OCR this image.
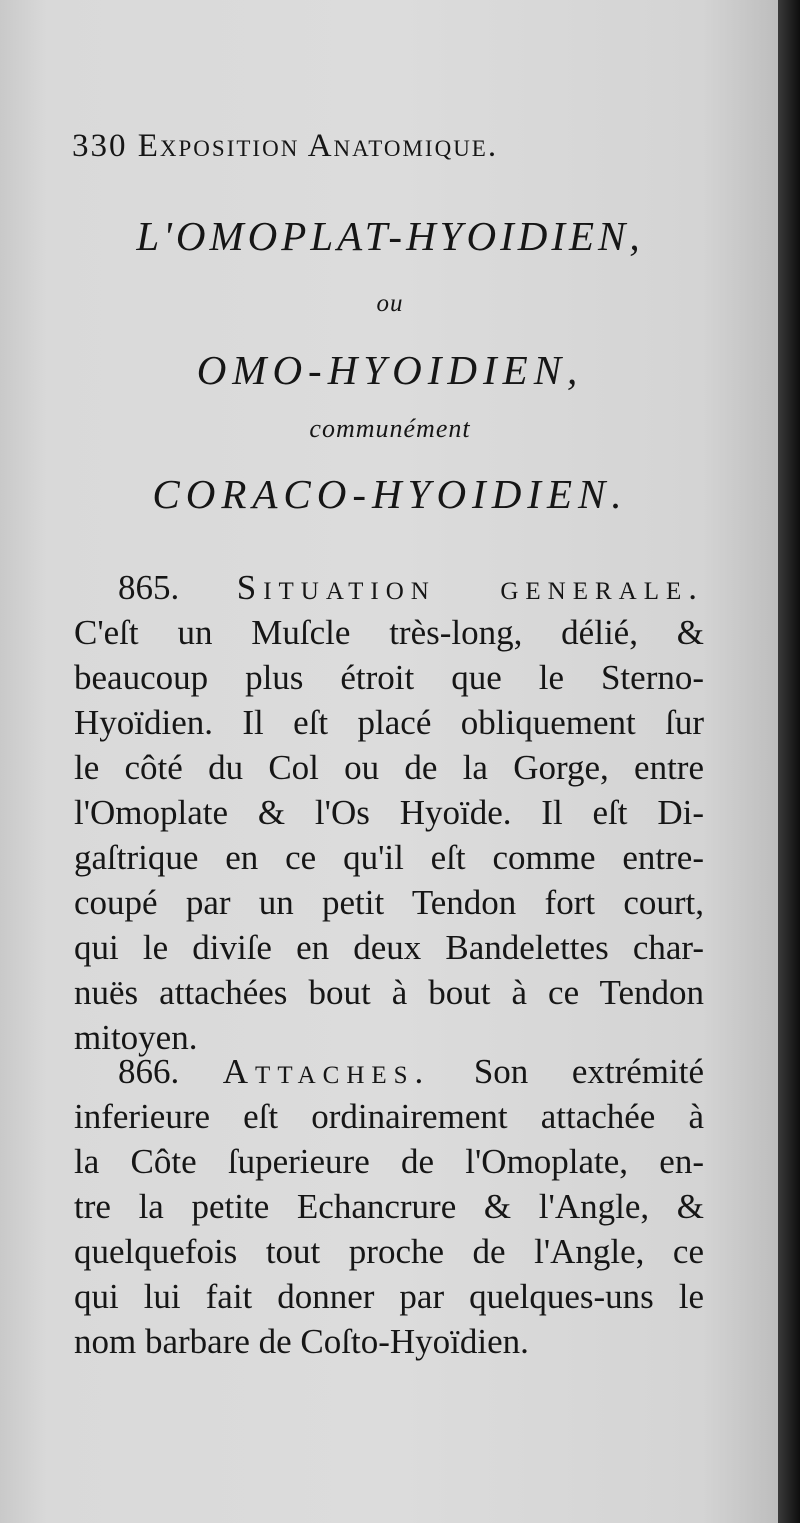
330 Exposition Anatomique.
L'OMOPLAT-HYOIDIEN,
ou
OMO-HYOIDIEN,
communément
CORACO-HYOIDIEN.
865. Situation generale.
C'eſt un Muſcle très-long, délié, &
beaucoup plus étroit que le Sterno-
Hyoïdien. Il eſt placé obliquement ſur
le côté du Col ou de la Gorge, entre
l'Omoplate & l'Os Hyoïde. Il eſt Di-
gaſtrique en ce qu'il eſt comme entre-
coupé par un petit Tendon fort court,
qui le diviſe en deux Bandelettes char-
nuës attachées bout à bout à ce Tendon
mitoyen.
866. Attaches. Son extrémité
inferieure eſt ordinairement attachée à
la Côte ſuperieure de l'Omoplate, en-
tre la petite Echancrure & l'Angle, &
quelquefois tout proche de l'Angle, ce
qui lui fait donner par quelques-uns le
nom barbare de Coſto-Hyoïdien.
